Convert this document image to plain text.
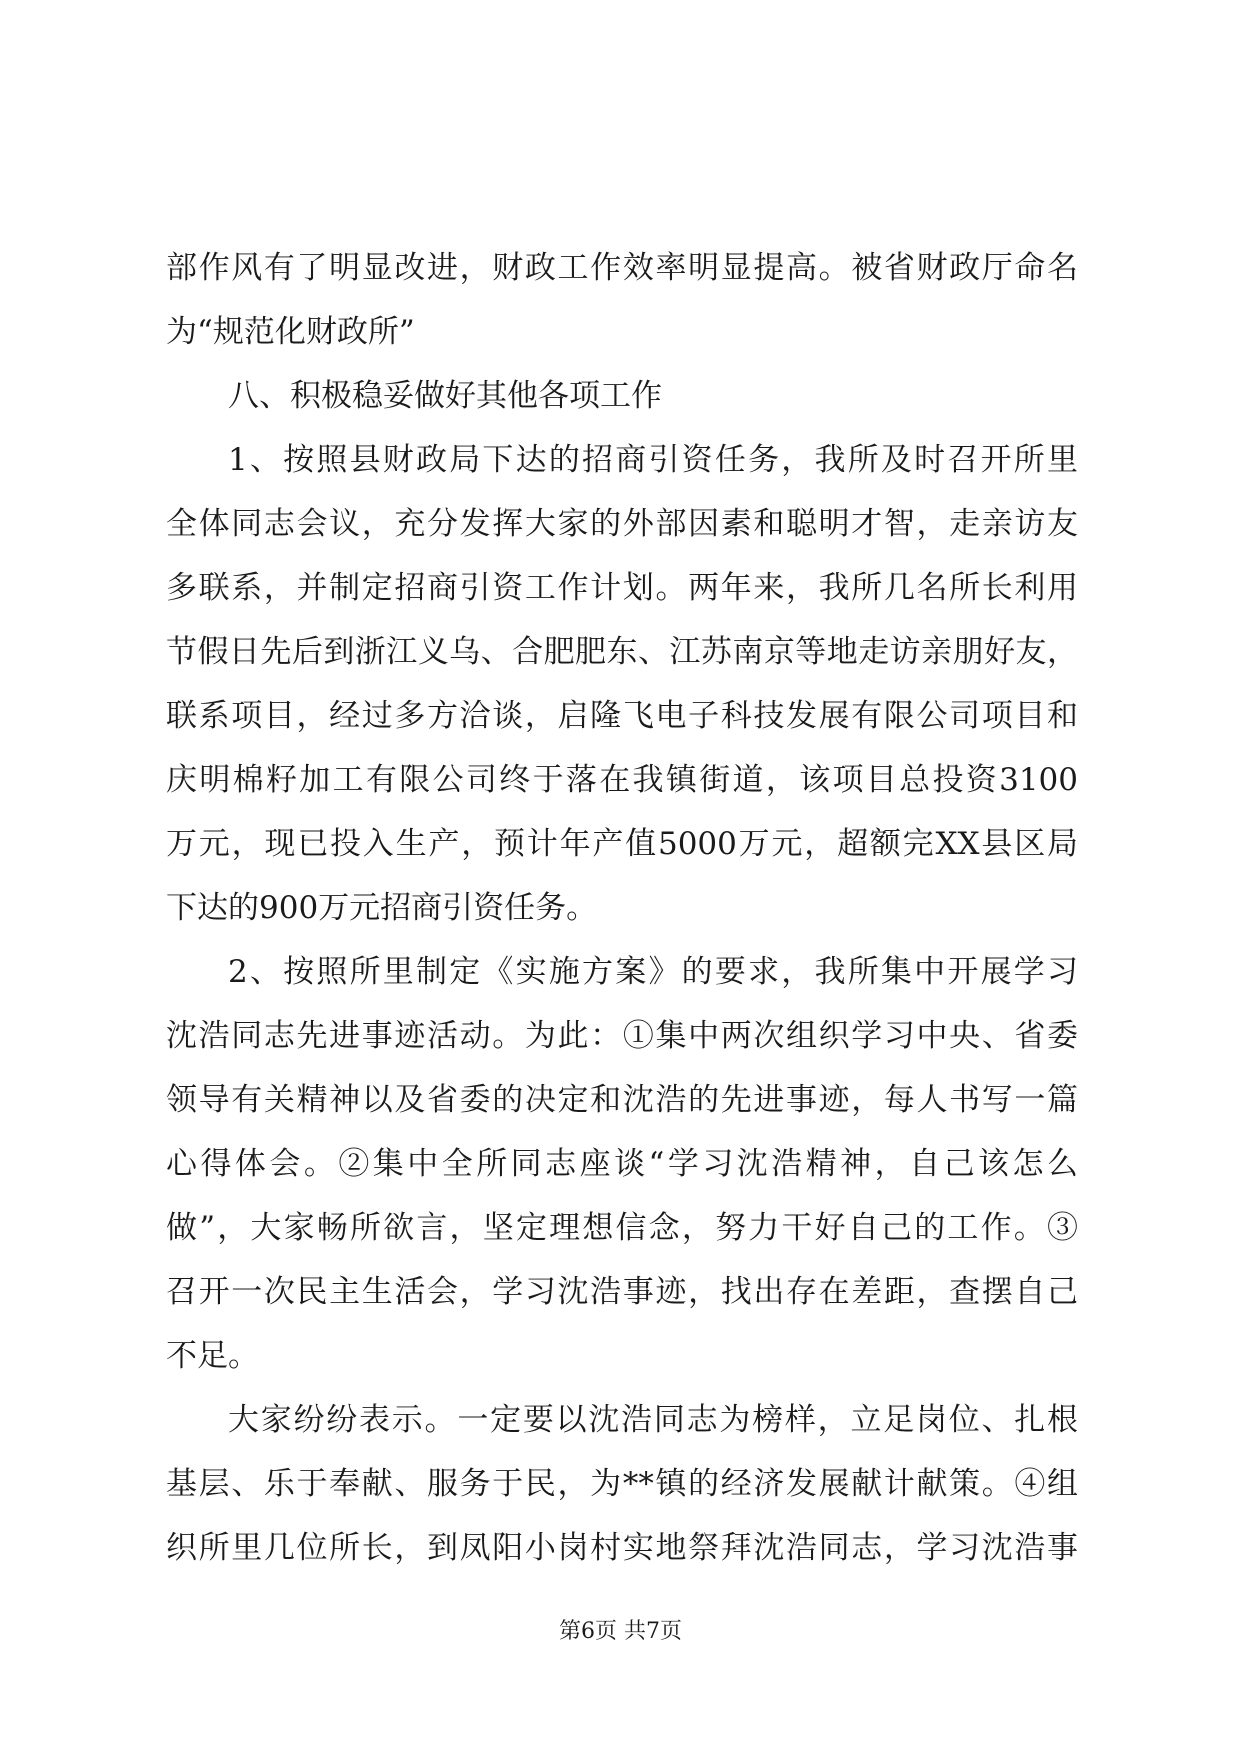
部作风有了明显改进，财政工作效率明显提高。被省财政厅命名
为“规范化财政所”
八、积极稳妥做好其他各项工作
1、按照县财政局下达的招商引资任务，我所及时召开所里
全体同志会议，充分发挥大家的外部因素和聪明才智，走亲访友
多联系，并制定招商引资工作计划。两年来，我所几名所长利用
节假日先后到浙江义乌、合肥肥东、江苏南京等地走访亲朋好友，
联系项目，经过多方洽谈，启隆飞电子科技发展有限公司项目和
庆明棉籽加工有限公司终于落在我镇街道，该项目总投资3100
万元，现已投入生产，预计年产值5000万元，超额完XX县区局
下达的900万元招商引资任务。
2、按照所里制定《实施方案》的要求，我所集中开展学习
沈浩同志先进事迹活动。为此：①集中两次组织学习中央、省委
领导有关精神以及省委的决定和沈浩的先进事迹，每人书写一篇
心得体会。②集中全所同志座谈“学习沈浩精神，自己该怎么
做”，大家畅所欲言，坚定理想信念，努力干好自己的工作。③
召开一次民主生活会，学习沈浩事迹，找出存在差距，查摆自己
不足。
大家纷纷表示。一定要以沈浩同志为榜样，立足岗位、扎根
基层、乐于奉献、服务于民，为**镇的经济发展献计献策。④组
织所里几位所长，到凤阳小岗村实地祭拜沈浩同志，学习沈浩事
第6页 共7页
